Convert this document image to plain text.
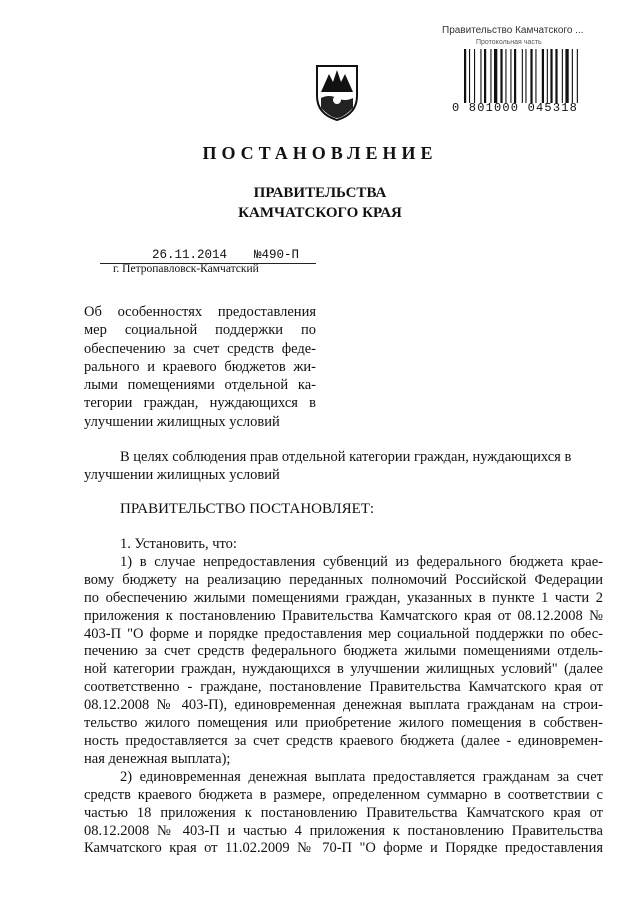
Правительство Камчатского ...
Протокольная часть
0 801000 045318
ПОСТАНОВЛЕНИЕ
ПРАВИТЕЛЬСТВА
КАМЧАТСКОГО КРАЯ
26.11.2014 №490-П
г. Петропавловск-Камчатский
Об особенностях предоставления
мер социальной поддержки по
обеспечению за счет средств феде-
рального и краевого бюджетов жи-
лыми помещениями отдельной ка-
тегории граждан, нуждающихся в
улучшении жилищных условий
В целях соблюдения прав отдельной категории граждан, нуждающихся в
улучшении жилищных условий
ПРАВИТЕЛЬСТВО ПОСТАНОВЛЯЕТ:
1. Установить, что:
1) в случае непредоставления субвенций из федерального бюджета крае-
вому бюджету на реализацию переданных полномочий Российской Федерации
по обеспечению жилыми помещениями граждан, указанных в пункте 1 части 2
приложения к постановлению Правительства Камчатского края от 08.12.2008 №
403-П "О форме и порядке предоставления мер социальной поддержки по обес-
печению за счет средств федерального бюджета жилыми помещениями отдель-
ной категории граждан, нуждающихся в улучшении жилищных условий" (далее
соответственно - граждане, постановление Правительства Камчатского края от
08.12.2008 № 403-П), единовременная денежная выплата гражданам на строи-
тельство жилого помещения или приобретение жилого помещения в собствен-
ность предоставляется за счет средств краевого бюджета (далее - единовремен-
ная денежная выплата);
2) единовременная денежная выплата предоставляется гражданам за счет
средств краевого бюджета в размере, определенном суммарно в соответствии с
частью 18 приложения к постановлению Правительства Камчатского края от
08.12.2008 № 403-П и частью 4 приложения к постановлению Правительства
Камчатского края от 11.02.2009 № 70-П "О форме и Порядке предоставления
